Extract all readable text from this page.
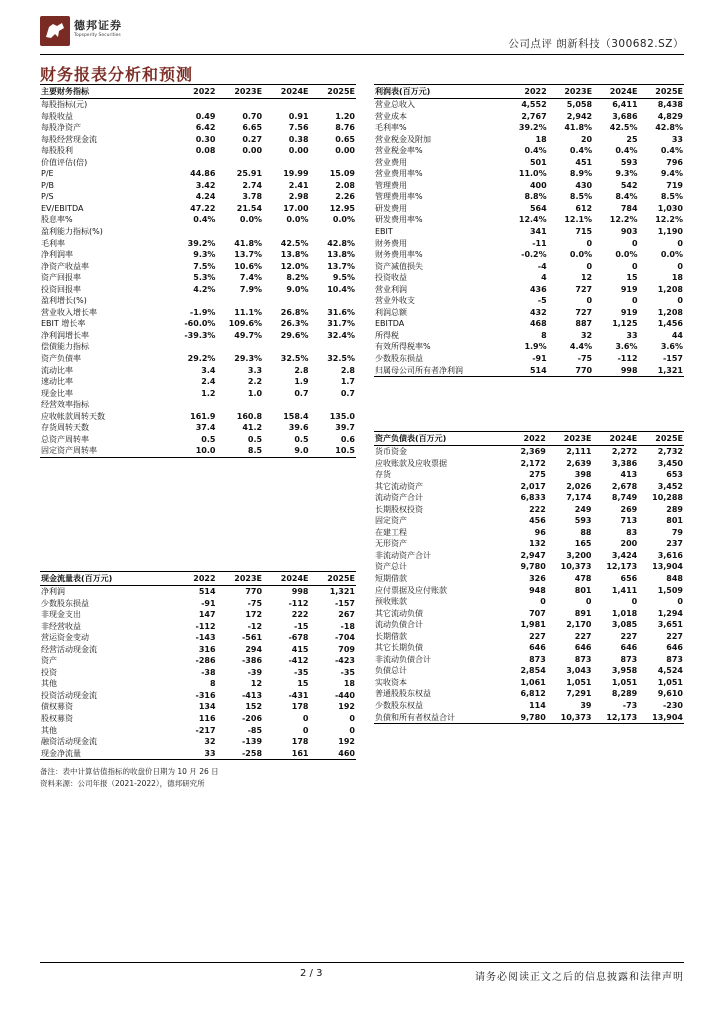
德邦证券
Topsperity Securities
公司点评 朗新科技（300682.SZ）
财务报表分析和预测
主要财务指标	2022	2023E	2024E	2025E
每股指标(元)				
每股收益	0.49	0.70	0.91	1.20
每股净资产	6.42	6.65	7.56	8.76
每股经营现金流	0.30	0.27	0.38	0.65
每股股利	0.08	0.00	0.00	0.00
价值评估(倍)				
P/E	44.86	25.91	19.99	15.09
P/B	3.42	2.74	2.41	2.08
P/S	4.24	3.78	2.98	2.26
EV/EBITDA	47.22	21.54	17.00	12.95
股息率%	0.4%	0.0%	0.0%	0.0%
盈利能力指标(%)				
毛利率	39.2%	41.8%	42.5%	42.8%
净利润率	9.3%	13.7%	13.8%	13.8%
净资产收益率	7.5%	10.6%	12.0%	13.7%
资产回报率	5.3%	7.4%	8.2%	9.5%
投资回报率	4.2%	7.9%	9.0%	10.4%
盈利增长(%)				
营业收入增长率	-1.9%	11.1%	26.8%	31.6%
EBIT 增长率	-60.0%	109.6%	26.3%	31.7%
净利润增长率	-39.3%	49.7%	29.6%	32.4%
偿债能力指标				
资产负债率	29.2%	29.3%	32.5%	32.5%
流动比率	3.4	3.3	2.8	2.8
速动比率	2.4	2.2	1.9	1.7
现金比率	1.2	1.0	0.7	0.7
经营效率指标				
应收帐款周转天数	161.9	160.8	158.4	135.0
存货周转天数	37.4	41.2	39.6	39.7
总资产周转率	0.5	0.5	0.5	0.6
固定资产周转率	10.0	8.5	9.0	10.5
现金流量表(百万元)	2022	2023E	2024E	2025E
净利润	514	770	998	1,321
少数股东损益	-91	-75	-112	-157
非现金支出	147	172	222	267
非经营收益	-112	-12	-15	-18
营运资金变动	-143	-561	-678	-704
经营活动现金流	316	294	415	709
资产	-286	-386	-412	-423
投资	-38	-39	-35	-35
其他	8	12	15	18
投资活动现金流	-316	-413	-431	-440
债权募资	134	152	178	192
股权募资	116	-206	0	0
其他	-217	-85	0	0
融资活动现金流	32	-139	178	192
现金净流量	33	-258	161	460
利润表(百万元)	2022	2023E	2024E	2025E
营业总收入	4,552	5,058	6,411	8,438
营业成本	2,767	2,942	3,686	4,829
毛利率%	39.2%	41.8%	42.5%	42.8%
营业税金及附加	18	20	25	33
营业税金率%	0.4%	0.4%	0.4%	0.4%
营业费用	501	451	593	796
营业费用率%	11.0%	8.9%	9.3%	9.4%
管理费用	400	430	542	719
管理费用率%	8.8%	8.5%	8.4%	8.5%
研发费用	564	612	784	1,030
研发费用率%	12.4%	12.1%	12.2%	12.2%
EBIT	341	715	903	1,190
财务费用	-11	0	0	0
财务费用率%	-0.2%	0.0%	0.0%	0.0%
资产减值损失	-4	0	0	0
投资收益	4	12	15	18
营业利润	436	727	919	1,208
营业外收支	-5	0	0	0
利润总额	432	727	919	1,208
EBITDA	468	887	1,125	1,456
所得税	8	32	33	44
有效所得税率%	1.9%	4.4%	3.6%	3.6%
少数股东损益	-91	-75	-112	-157
归属母公司所有者净利润	514	770	998	1,321
资产负债表(百万元)	2022	2023E	2024E	2025E
货币资金	2,369	2,111	2,272	2,732
应收账款及应收票据	2,172	2,639	3,386	3,450
存货	275	398	413	653
其它流动资产	2,017	2,026	2,678	3,452
流动资产合计	6,833	7,174	8,749	10,288
长期股权投资	222	249	269	289
固定资产	456	593	713	801
在建工程	96	88	83	79
无形资产	132	165	200	237
非流动资产合计	2,947	3,200	3,424	3,616
资产总计	9,780	10,373	12,173	13,904
短期借款	326	478	656	848
应付票据及应付账款	948	801	1,411	1,509
预收账款	0	0	0	0
其它流动负债	707	891	1,018	1,294
流动负债合计	1,981	2,170	3,085	3,651
长期借款	227	227	227	227
其它长期负债	646	646	646	646
非流动负债合计	873	873	873	873
负债总计	2,854	3,043	3,958	4,524
实收资本	1,061	1,051	1,051	1,051
普通股股东权益	6,812	7,291	8,289	9,610
少数股东权益	114	39	-73	-230
负债和所有者权益合计	9,780	10,373	12,173	13,904
备注：表中计算估值指标的收盘价日期为 10 月 26 日
资料来源：公司年报（2021-2022），德邦研究所
2 / 3	请务必阅读正文之后的信息披露和法律声明
